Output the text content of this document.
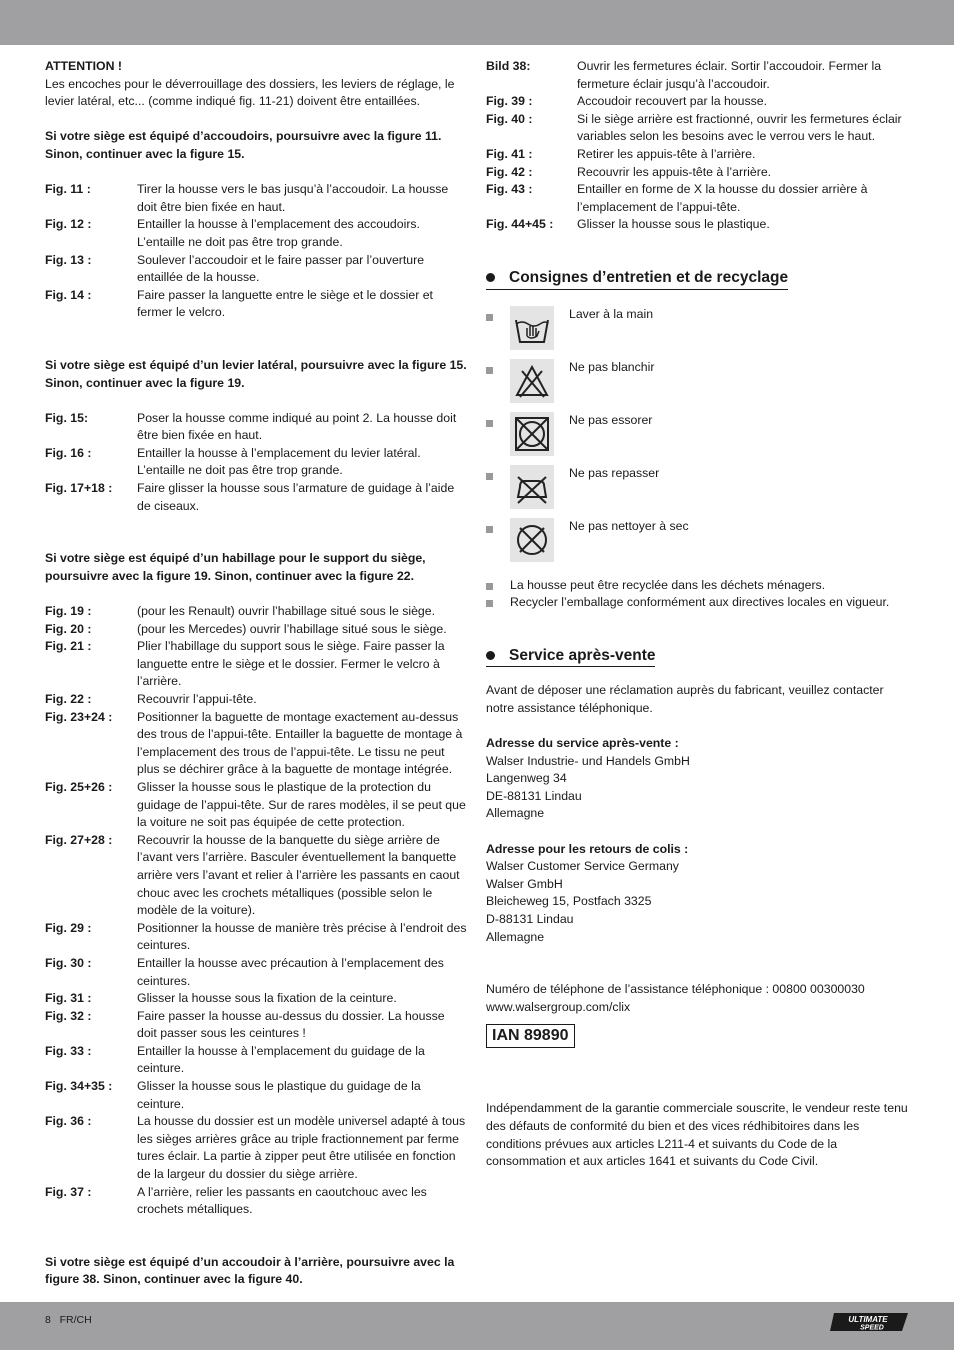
ATTENTION !

Les encoches pour le déverrouillage des dossiers, les leviers de réglage, le levier latéral, etc... (comme indiqué fig. 11-21) doivent être entaillées.

Si votre siège est équipé d’accoudoirs, poursuivre avec la figure 11. Sinon, continuer avec la figure 15.

Fig. 11 :	Tirer la housse vers le bas jusqu’à l’accoudoir. La housse doit être bien fixée en haut.
Fig. 12 :	Entailler la housse à l’emplacement des accoudoirs. L’entaille ne doit pas être trop grande.
Fig. 13 :	Soulever l’accoudoir et le faire passer par l’ouverture entaillée de la housse.
Fig. 14 :	Faire passer la languette entre le siège et le dossier et fermer le velcro.

Si votre siège est équipé d’un levier latéral, poursuivre avec la figure 15. Sinon, continuer avec la figure 19.

Fig. 15:	Poser la housse comme indiqué au point 2. La housse doit être bien fixée en haut.
Fig. 16 :	Entailler la housse à l’emplacement du levier latéral. L’entaille ne doit pas être trop grande.
Fig. 17+18 :	Faire glisser la housse sous l’armature de guidage à l’aide de ciseaux.

Si votre siège est équipé d’un habillage pour le support du siège, poursuivre avec la figure 19. Sinon, continuer avec la figure 22.

Fig. 19 :	(pour les Renault) ouvrir l’habillage situé sous le siège.
Fig. 20 :	(pour les Mercedes) ouvrir l’habillage situé sous le siège.
Fig. 21 :	Plier l’habillage du support sous le siège. Faire passer la languette entre le siège et le dossier. Fermer le velcro à l’arrière.
Fig. 22 :	Recouvrir l’appui-tête.
Fig. 23+24 :	Positionner la baguette de montage exactement au-dessus des trous de l’appui-tête. Entailler la baguette de montage à l’emplacement des trous de l’appui-tête. Le tissu ne peut plus se déchirer grâce à la baguette de montage intégrée.
Fig. 25+26 :	Glisser la housse sous le plastique de la protection du guidage de l’appui-tête. Sur de rares modèles, il se peut que la voiture ne soit pas équipée de cette protection.
Fig. 27+28 :	Recouvrir la housse de la banquette du siège arrière de l’avant vers l’arrière. Basculer éventuellement la banquette arrière vers l’avant et relier à l’arrière les passants en caout chouc avec les crochets métalliques (possible selon le modèle de la voiture).
Fig. 29 :	Positionner la housse de manière très précise à l’endroit des ceintures.
Fig. 30 :	Entailler la housse avec précaution à l’emplacement des ceintures.
Fig. 31 :	Glisser la housse sous la fixation de la ceinture.
Fig. 32 :	Faire passer la housse au-dessus du dossier. La housse doit passer sous les ceintures !
Fig. 33 :	Entailler la housse à l’emplacement du guidage de la ceinture.
Fig. 34+35 :	Glisser la housse sous le plastique du guidage de la ceinture.
Fig. 36 :	La housse du dossier est un modèle universel adapté à tous les sièges arrières grâce au triple fractionnement par ferme tures éclair. La partie à zipper peut être utilisée en fonction de la largeur du dossier du siège arrière.
Fig. 37 :	A l’arrière, relier les passants en caoutchouc avec les crochets métalliques.

Si votre siège est équipé d’un accoudoir à l’arrière, poursuivre avec la figure 38. Sinon, continuer avec la figure 40.

Bild 38:	Ouvrir les fermetures éclair. Sortir l’accoudoir. Fermer la fermeture éclair jusqu’à l’accoudoir.
Fig. 39 :	Accoudoir recouvert par la housse.
Fig. 40 :	Si le siège arrière est fractionné, ouvrir les fermetures éclair variables selon les besoins avec le verrou vers le haut.
Fig. 41 :	Retirer les appuis-tête à l’arrière.
Fig. 42 :	Recouvrir les appuis-tête à l’arrière.
Fig. 43 :	Entailler en forme de X la housse du dossier arrière à l’emplacement de l’appui-tête.
Fig. 44+45 :	Glisser la housse sous le plastique.
Consignes d’entretien et de recyclage
Laver à la main
Ne pas blanchir
Ne pas essorer
Ne pas repasser
Ne pas nettoyer à sec
La housse peut être recyclée dans les déchets ménagers.
Recycler l’emballage conformément aux directives locales en vigueur.
Service après-vente

Avant de déposer une réclamation auprès du fabricant, veuillez contacter notre assistance téléphonique.

Adresse du service après-vente :

Walser Industrie- und Handels GmbH

Langenweg 34

DE-88131 Lindau

Allemagne

Adresse pour les retours de colis :

Walser Customer Service Germany

Walser GmbH

Bleicheweg 15, Postfach 3325

D-88131 Lindau

Allemagne

Numéro de téléphone de l’assistance téléphonique : 00800 00300030

www.walsergroup.com/clix

IAN 89890

Indépendamment de la garantie commerciale souscrite, le vendeur reste tenu des défauts de conformité du bien et des vices rédhibitoires dans les conditions prévues aux articles L211-4 et suivants du Code de la consommation et aux articles 1641 et suivants du Code Civil.

8 FR/CH	ULTIMATE
SPEED
